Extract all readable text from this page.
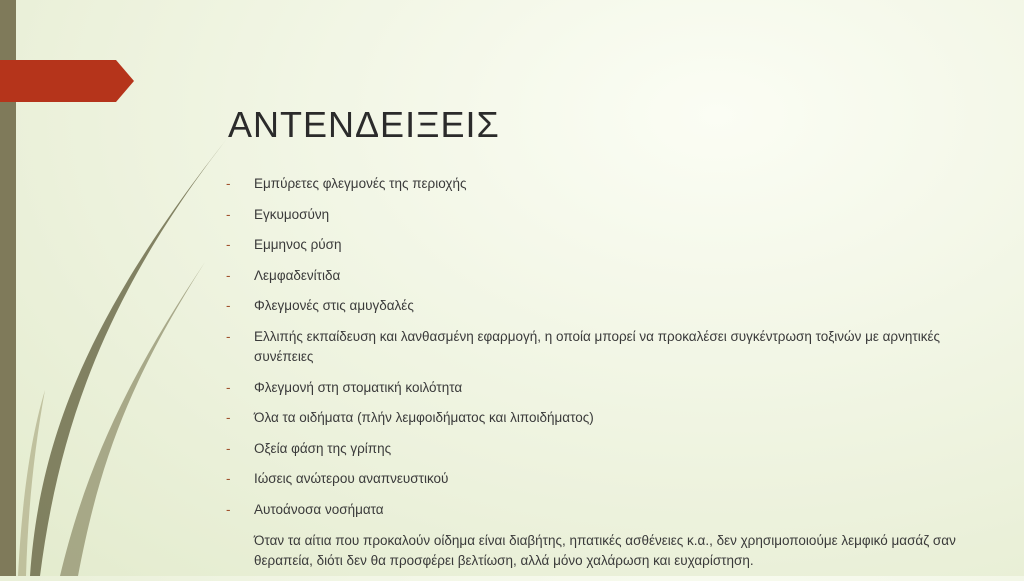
ΑΝΤΕΝΔΕΙΞΕΙΣ
- Εμπύρετες φλεγμονές της περιοχής
- Εγκυμοσύνη
- Εμμηνος ρύση
- Λεμφαδενίτιδα
- Φλεγμονές στις αμυγδαλές
- Ελλιπής εκπαίδευση και λανθασμένη εφαρμογή, η οποία μπορεί να προκαλέσει συγκέντρωση τοξινών με αρνητικές συνέπειες
- Φλεγμονή στη στοματική κοιλότητα
- Όλα τα οιδήματα (πλήν λεμφοιδήματος και λιποιδήματος)
- Οξεία φάση της γρίπης
- Ιώσεις ανώτερου αναπνευστικού
- Αυτοάνοσα νοσήματα
Όταν τα αίτια που προκαλούν οίδημα είναι διαβήτης, ηπατικές ασθένειες κ.α., δεν χρησιμοποιούμε λεμφικό μασάζ σαν θεραπεία, διότι δεν θα προσφέρει βελτίωση, αλλά μόνο χαλάρωση και ευχαρίστηση.
